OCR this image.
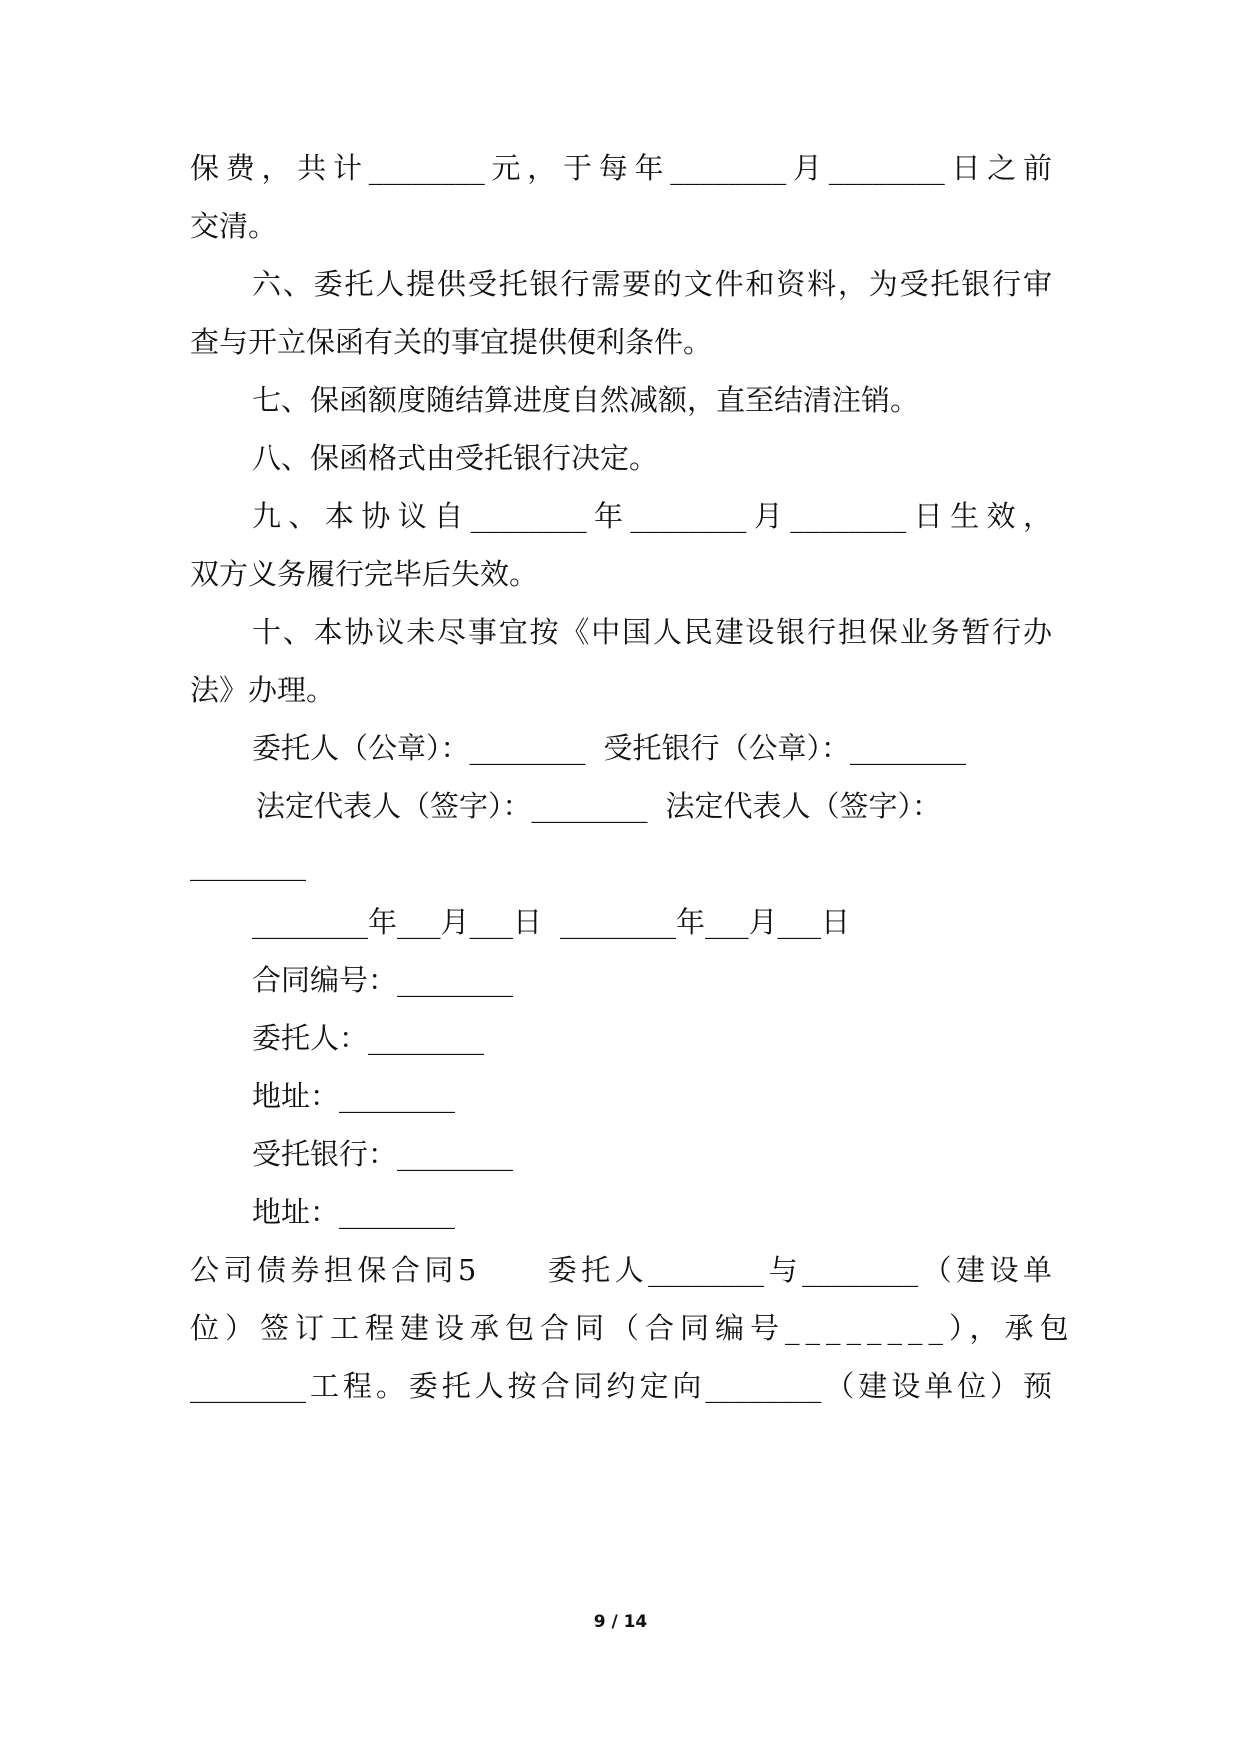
保费，共计________元，于每年________月________日之前
交清。
六、委托人提供受托银行需要的文件和资料，为受托银行审
查与开立保函有关的事宜提供便利条件。
七、保函额度随结算进度自然减额，直至结清注销。
八、保函格式由受托银行决定。
九、本协议自________年________月________日生效，
双方义务履行完毕后失效。
十、本协议未尽事宜按《中国人民建设银行担保业务暂行办
法》办理。
委托人（公章）：________ 受托银行（公章）：________
法定代表人（签字）：________ 法定代表人（签字）：
________
________年___月___日 ________年___月___日
合同编号：________
委托人：________
地址：________
受托银行：________
地址：________
公司债券担保合同5　　委托人________与________（建设单
位）签订工程建设承包合同（合同编号________），承包
________工程。委托人按合同约定向________（建设单位）预
9 / 14
